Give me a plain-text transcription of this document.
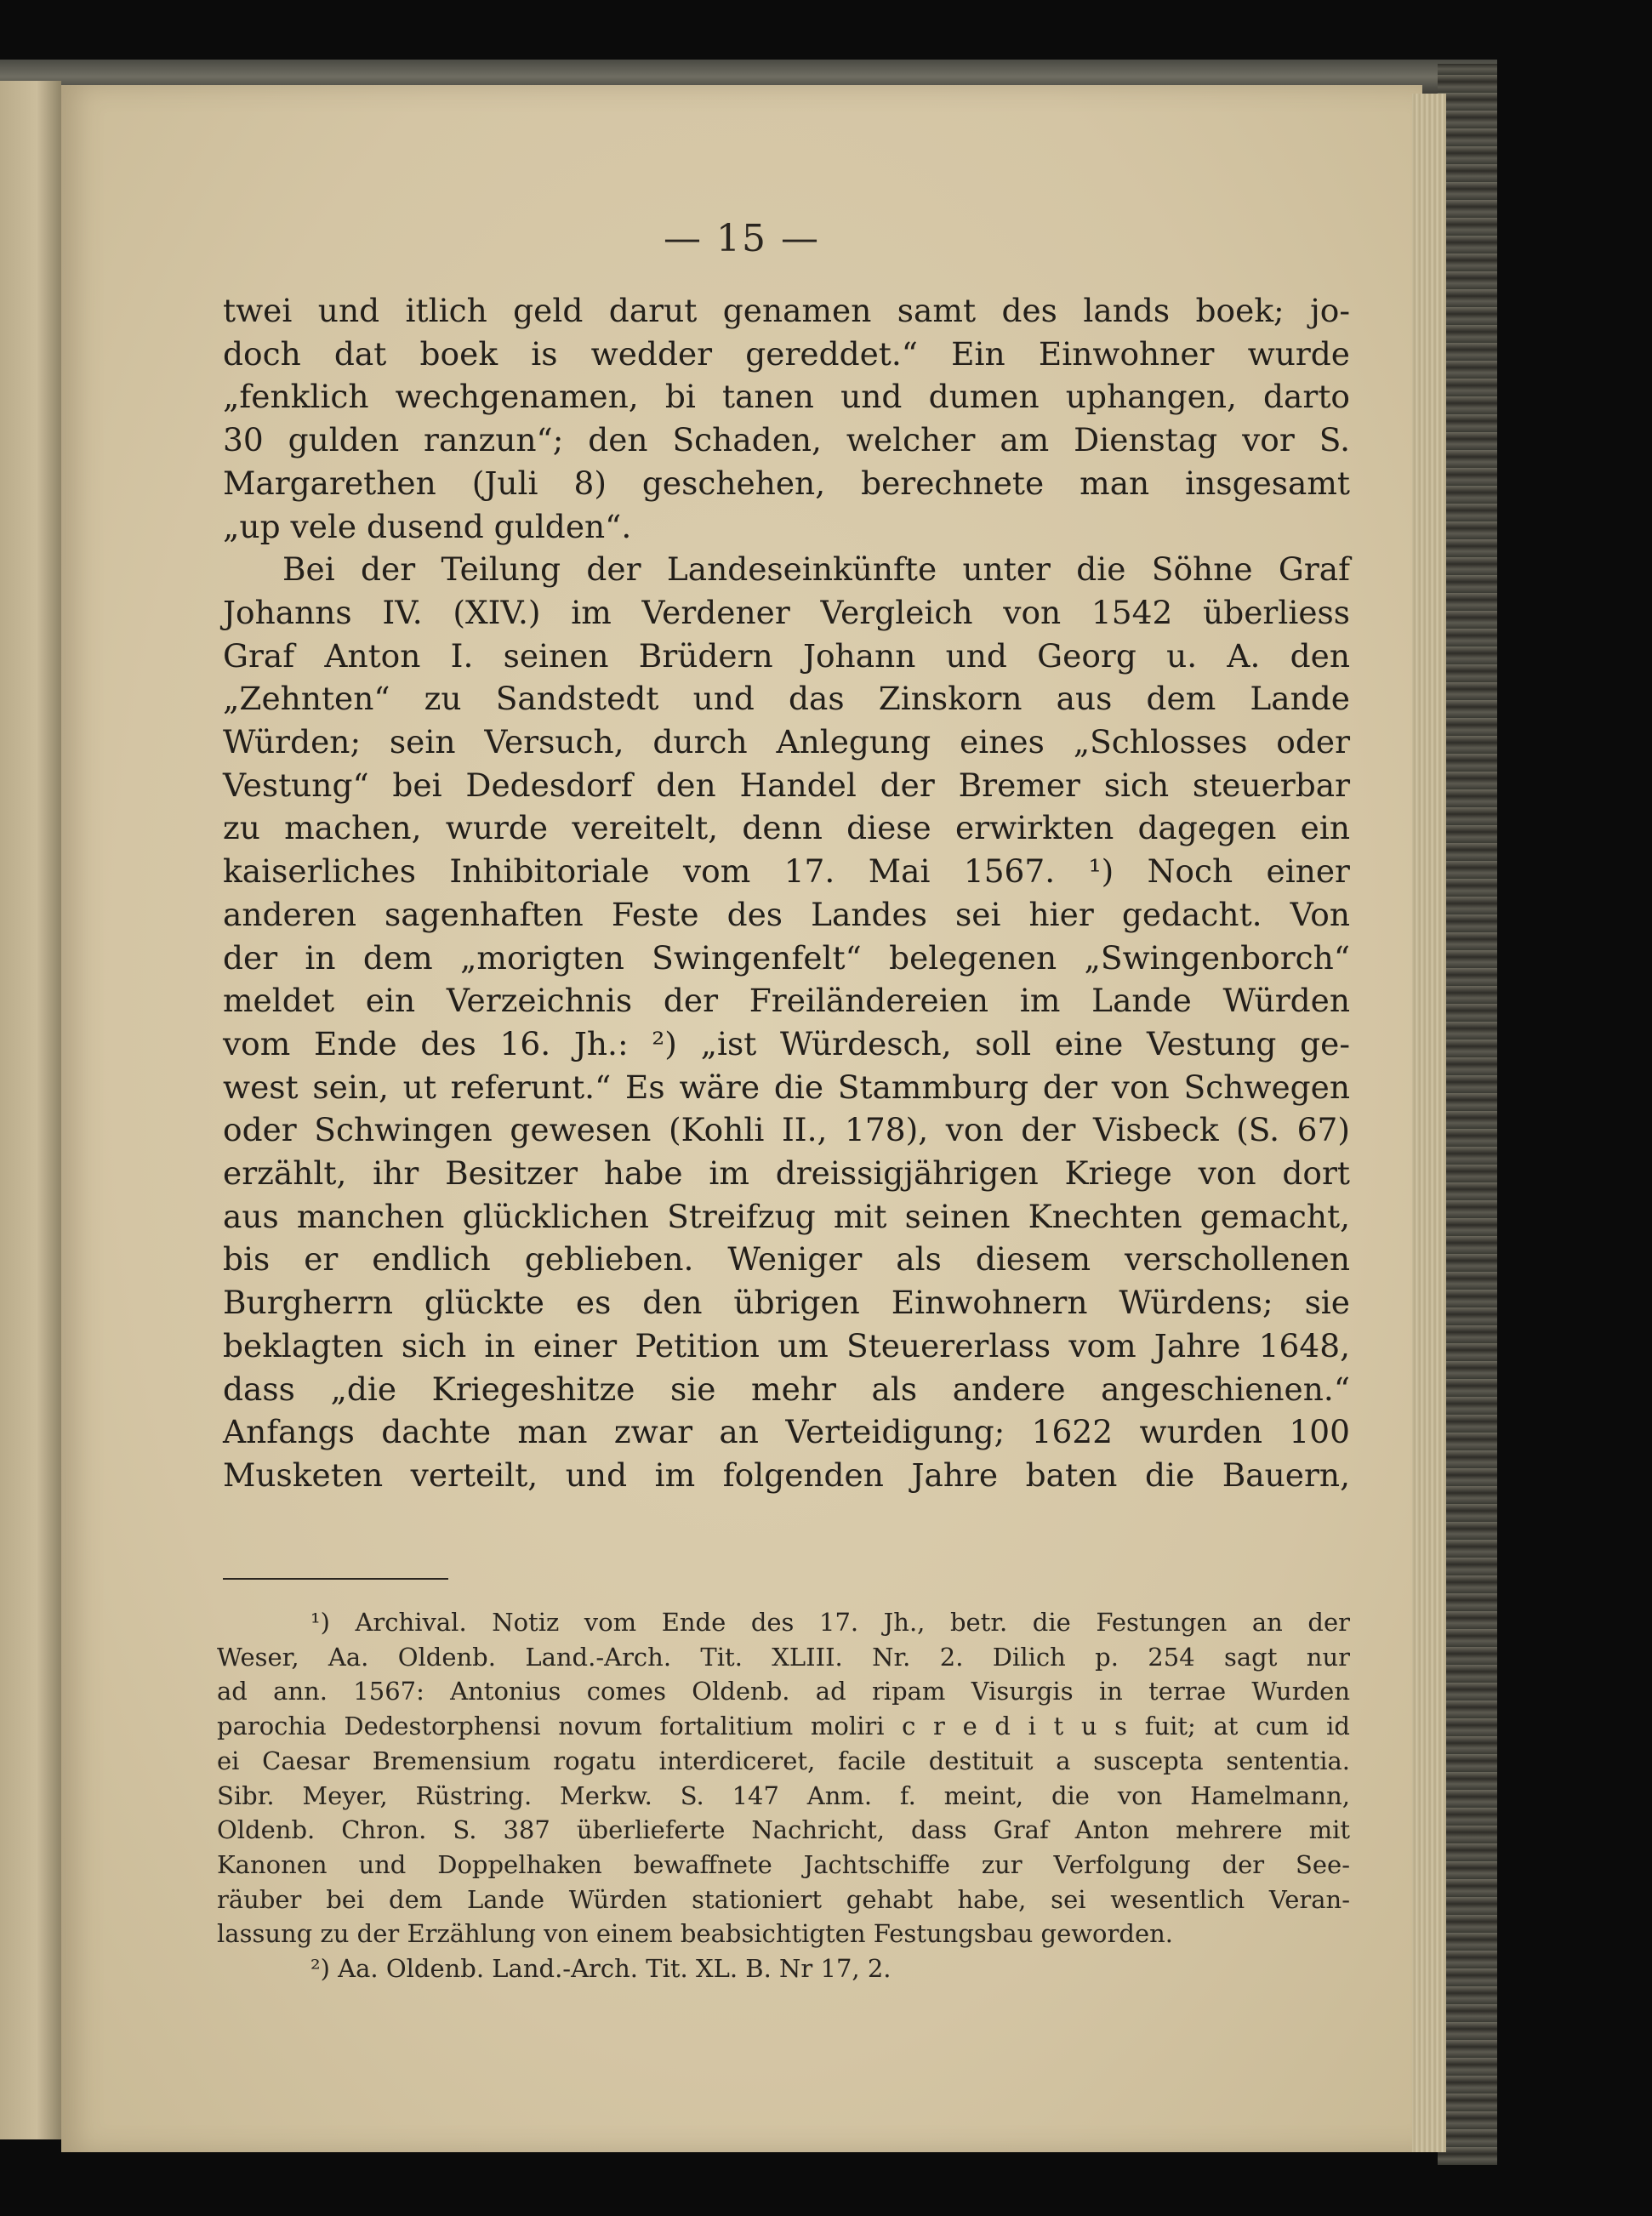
— 15 —
twei und itlich geld darut genamen samt des lands boek; jo-
doch dat boek is wedder gereddet.“ Ein Einwohner wurde
„fenklich wechgenamen, bi tanen und dumen uphangen, darto
30 gulden ranzun“; den Schaden, welcher am Dienstag vor S.
Margarethen (Juli 8) geschehen, berechnete man insgesamt
„up vele dusend gulden“.
Bei der Teilung der Landeseinkünfte unter die Söhne Graf
Johanns IV. (XIV.) im Verdener Vergleich von 1542 überliess
Graf Anton I. seinen Brüdern Johann und Georg u. A. den
„Zehnten“ zu Sandstedt und das Zinskorn aus dem Lande
Würden; sein Versuch, durch Anlegung eines „Schlosses oder
Vestung“ bei Dedesdorf den Handel der Bremer sich steuerbar
zu machen, wurde vereitelt, denn diese erwirkten dagegen ein
kaiserliches Inhibitoriale vom 17. Mai 1567. ¹) Noch einer
anderen sagenhaften Feste des Landes sei hier gedacht. Von
der in dem „morigten Swingenfelt“ belegenen „Swingenborch“
meldet ein Verzeichnis der Freiländereien im Lande Würden
vom Ende des 16. Jh.: ²) „ist Würdesch, soll eine Vestung ge-
west sein, ut referunt.“ Es wäre die Stammburg der von Schwegen
oder Schwingen gewesen (Kohli II., 178), von der Visbeck (S. 67)
erzählt, ihr Besitzer habe im dreissigjährigen Kriege von dort
aus manchen glücklichen Streifzug mit seinen Knechten gemacht,
bis er endlich geblieben. Weniger als diesem verschollenen
Burgherrn glückte es den übrigen Einwohnern Würdens; sie
beklagten sich in einer Petition um Steuererlass vom Jahre 1648,
dass „die Kriegeshitze sie mehr als andere angeschienen.“
Anfangs dachte man zwar an Verteidigung; 1622 wurden 100
Musketen verteilt, und im folgenden Jahre baten die Bauern,
¹) Archival. Notiz vom Ende des 17. Jh., betr. die Festungen an der
Weser, Aa. Oldenb. Land.-Arch. Tit. XLIII. Nr. 2. Dilich p. 254 sagt nur
ad ann. 1567: Antonius comes Oldenb. ad ripam Visurgis in terrae Wurden
parochia Dedestorphensi novum fortalitium moliri c r e d i t u s fuit; at cum id
ei Caesar Bremensium rogatu interdiceret, facile destituit a suscepta sententia.
Sibr. Meyer, Rüstring. Merkw. S. 147 Anm. f. meint, die von Hamelmann,
Oldenb. Chron. S. 387 überlieferte Nachricht, dass Graf Anton mehrere mit
Kanonen und Doppelhaken bewaffnete Jachtschiffe zur Verfolgung der See-
räuber bei dem Lande Würden stationiert gehabt habe, sei wesentlich Veran-
lassung zu der Erzählung von einem beabsichtigten Festungsbau geworden.
²) Aa. Oldenb. Land.-Arch. Tit. XL. B. Nr 17, 2.
